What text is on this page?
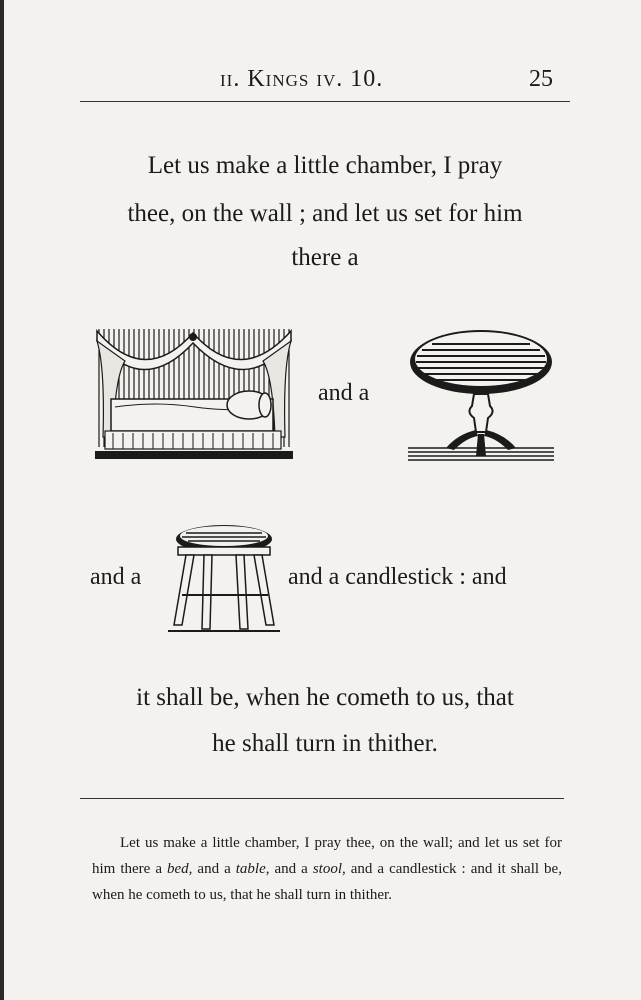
ii. Kings iv. 10.	25
Let us make a little chamber, I pray
thee, on the wall ; and let us set for him
there a
and a
and a	and a candlestick : and
it shall be, when he cometh to us, that
he shall turn in thither.
Let us make a little chamber, I pray thee, on the wall; and let us set for him there a bed, and a table, and a stool, and a candlestick : and it shall be, when he cometh to us, that he shall turn in thither.
